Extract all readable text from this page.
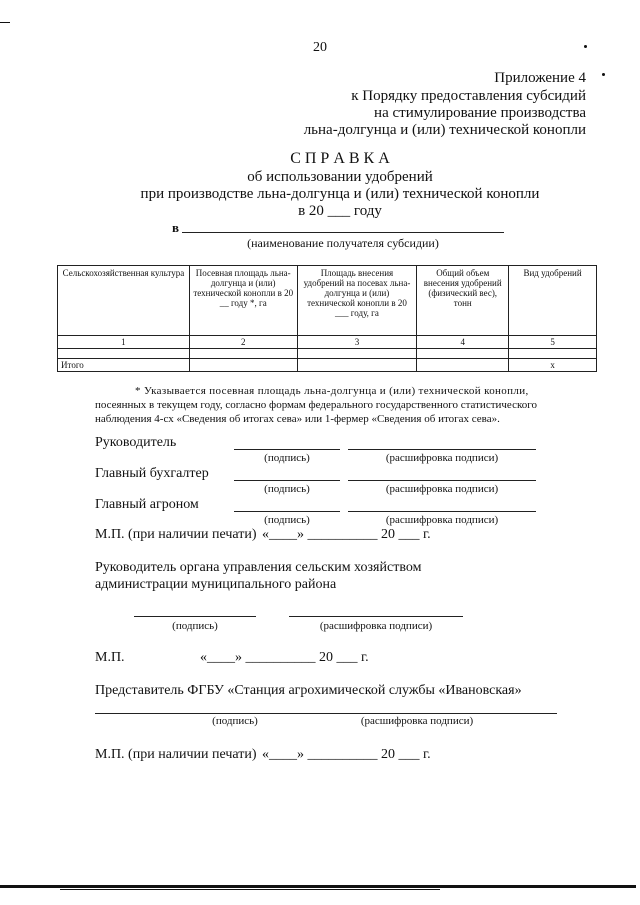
20
Приложение 4
к Порядку предоставления субсидий
на стимулирование производства
льна-долгунца и (или) технической конопли
С П Р А В К А
об использовании удобрений
при производстве льна-долгунца и (или) технической конопли
в 20 ___ году
в
(наименование получателя субсидии)
Сельскохозяйственная культура	Посевная площадь льна-долгунца и (или) технической конопли в 20 __ году *, га	Площадь внесения удобрений на посевах льна-долгунца и (или) технической конопли в 20 ___ году, га	Общий объем внесения удобрений (физический вес), тонн	Вид удобрений
1	2	3	4	5

Итого				х
* Указывается посевная площадь льна-долгунца и (или) технической конопли,
посеянных в текущем году, согласно формам федерального государственного статистического
наблюдения 4-сх «Сведения об итогах сева» или 1-фермер «Сведения об итогах сева».
Руководитель
(подпись)	(расшифровка подписи)
Главный бухгалтер
(подпись)	(расшифровка подписи)
Главный агроном
(подпись)	(расшифровка подписи)
М.П. (при наличии печати) «____» __________ 20 ___ г.
Руководитель органа управления сельским хозяйством
администрации муниципального района
(подпись)	(расшифровка подписи)
М.П.	«____» __________ 20 ___ г.
Представитель ФГБУ «Станция агрохимической службы «Ивановская»
(подпись)	(расшифровка подписи)
М.П. (при наличии печати) «____» __________ 20 ___ г.
